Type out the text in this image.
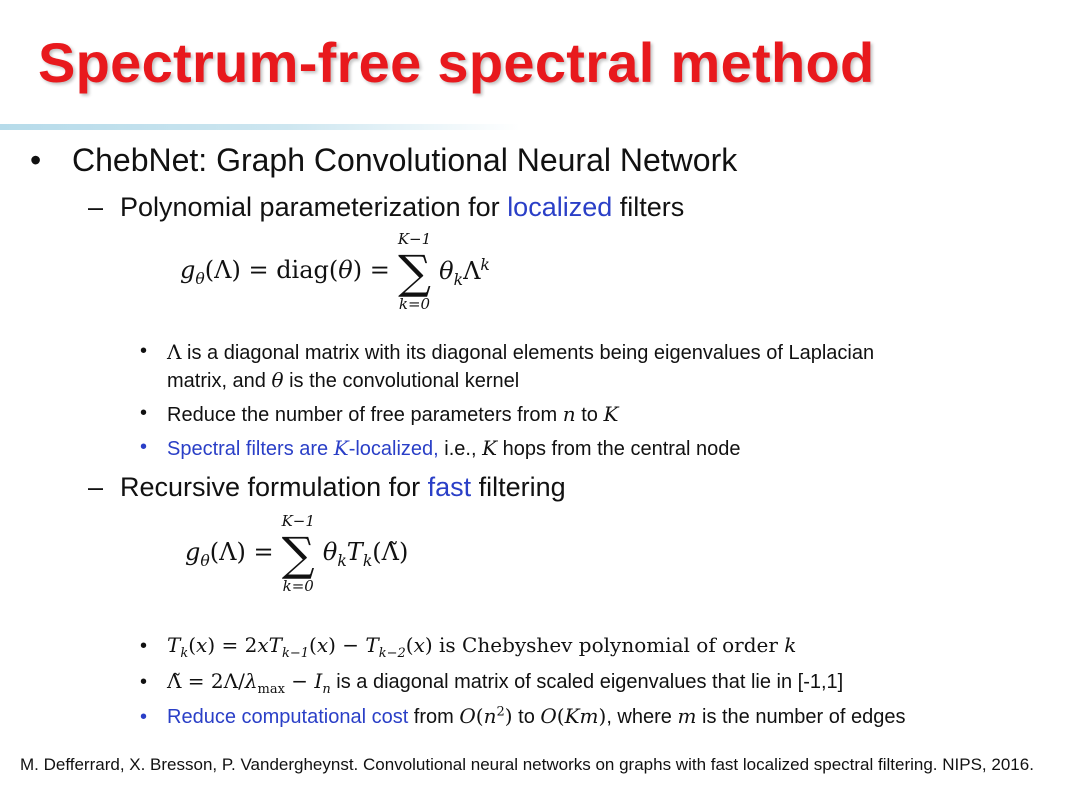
Spectrum-free spectral method
• ChebNet: Graph Convolutional Neural Network
– Polynomial parameterization for localized filters
$g_\theta(\Lambda)$ = diag(θ) =
K−1
∑
k=0
$\theta_k\Lambda^k$
• Λ is a diagonal matrix with its diagonal elements being eigenvalues of Laplacian
matrix, and θ is the convolutional kernel
• Reduce the number of free parameters from n to K
• Spectral filters are K-localized, i.e., K hops from the central node
– Recursive formulation for fast filtering
$g_\theta(\Lambda)$ =
K−1
∑
k=0
$\theta_kT_k(\Lambdã)$
• $T_k(x) = 2xT_{k-1}(x) - T_{k-2}(x)$ is Chebyshev polynomial of order k
• Λ̃ = $2\Lambda/\lambda_{max} - I_n$ is a diagonal matrix of scaled eigenvalues that lie in [-1,1]
• Reduce computational cost from $O(n^2)$ to O(Km), where m is the number of edges
M. Defferrard, X. Bresson, P. Vandergheynst. Convolutional neural networks on graphs with fast localized spectral filtering. NIPS, 2016.
